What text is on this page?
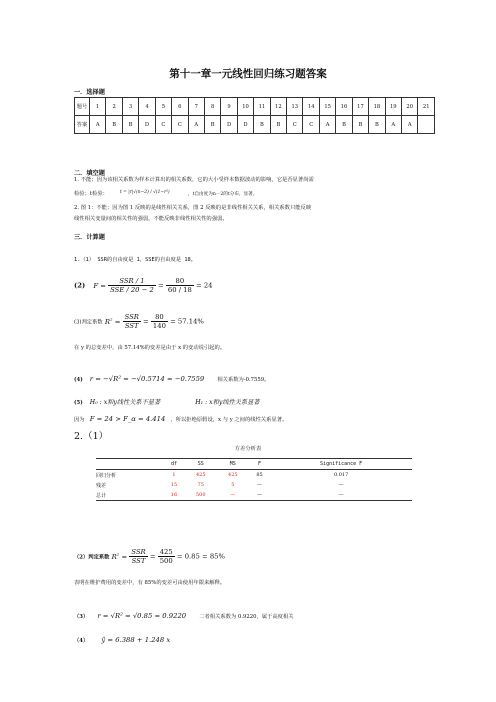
第十一章一元线性回归练习题答案
一．选择题
题号	1	2	3	4	5	6	7	8	9	10	11	12	13	14	15	16	17	18	19	20	21
答案	A	B	B	D	C	C	A	B	D	D	B	B	C	C	A	B	B	B	A	A	
二．填空题
1. 不能；因为该相关系数为样本计算出的相关系数，它的大小受样本数据波动的影响，它是否显著尚需
检验；t检验：	t = |r|√(n−2) / √(1−r²)	，t自由度为n－2的t分布，显著。
2. 图 1：不能；因为图 1 反映的是线性相关关系，图 2 反映的是非线性相关关系，相关系数只能反映
线性相关变量间的相关性的强弱，不能反映非线性相关性的强弱。
三．计算题
1.（1） SSR的自由度是 1，SSE的自由度是 18。
(2) $F = \frac{\text{SSR / 1}}{\text{SSE / 20 − 2}} = \frac{80}{60 / 18} = 24$
(3)判定系数 $R^2 = \frac{\text{SSR}}{\text{SST}} = \frac{80}{140} = 57.14\%$
在 y 的总变差中，由 57.14%的变差是由于 x 的变动说引起的。
(4) r = −√R² = −√0.5714 = −0.7559 相关系数为-0.7559。
(5) H₀ : x和y线性关系不显著	H₁ : x和y线性关系显著
因为 F = 24 > F_α = 4.414 ，所以拒绝原假设，x 与 y 之间的线性关系显著。
2.（1）
方差分析表
	df	SS	MS	F	Significance F
回归分析	1	425	425	85	0.017
残差	15	75	5	—	—
总计	16	500	—	—	—
（2）判定系数 $R^2 = \frac{\text{SSR}}{\text{SST}} = \frac{425}{500} = 0.85 = 85\%$
表明在维护费用的变差中，有 85%的变差可由使用年限来解释。
（3） r = √R² = √0.85 = 0.9220 二者相关系数为 0.9220，属于高度相关
（4） ŷ = 6.388 + 1.248 x
